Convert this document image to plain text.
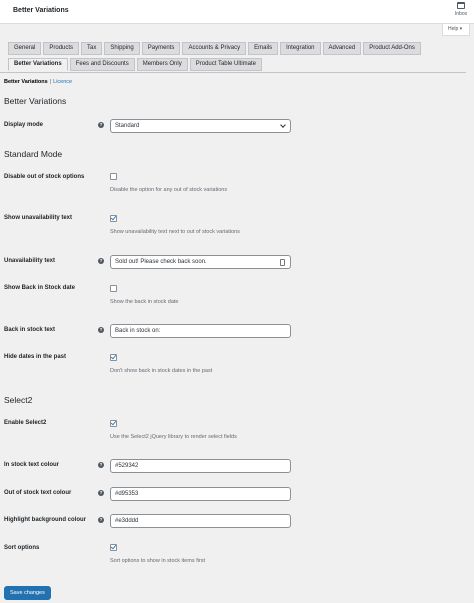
Better Variations	Inbox
Help ▾
General	Products	Tax	Shipping	Payments	Accounts & Privacy	Emails	Integration	Advanced	Product Add-Ons
Better Variations	Fees and Discounts	Members Only	Product Table Ultimate
Better Variations | Licence
Better Variations
Display mode	?	Standard
Standard Mode
Disable out of stock options
Disable the option for any out of stock variations
Show unavailability text
Show unavailability text next to out of stock variations
Unavailability text	?	Sold out! Please check back soon.
Show Back in Stock date
Show the back in stock date
Back in stock text	?	Back in stock on:
Hide dates in the past
Don't show back in stock dates in the past
Select2
Enable Select2
Use the Select2 jQuery library to render select fields
In stock text colour	?	#529342
Out of stock text colour	?	#d95353
Highlight background colour	?	#e3dddd
Sort options
Sort options to show in stock items first
Save changes
